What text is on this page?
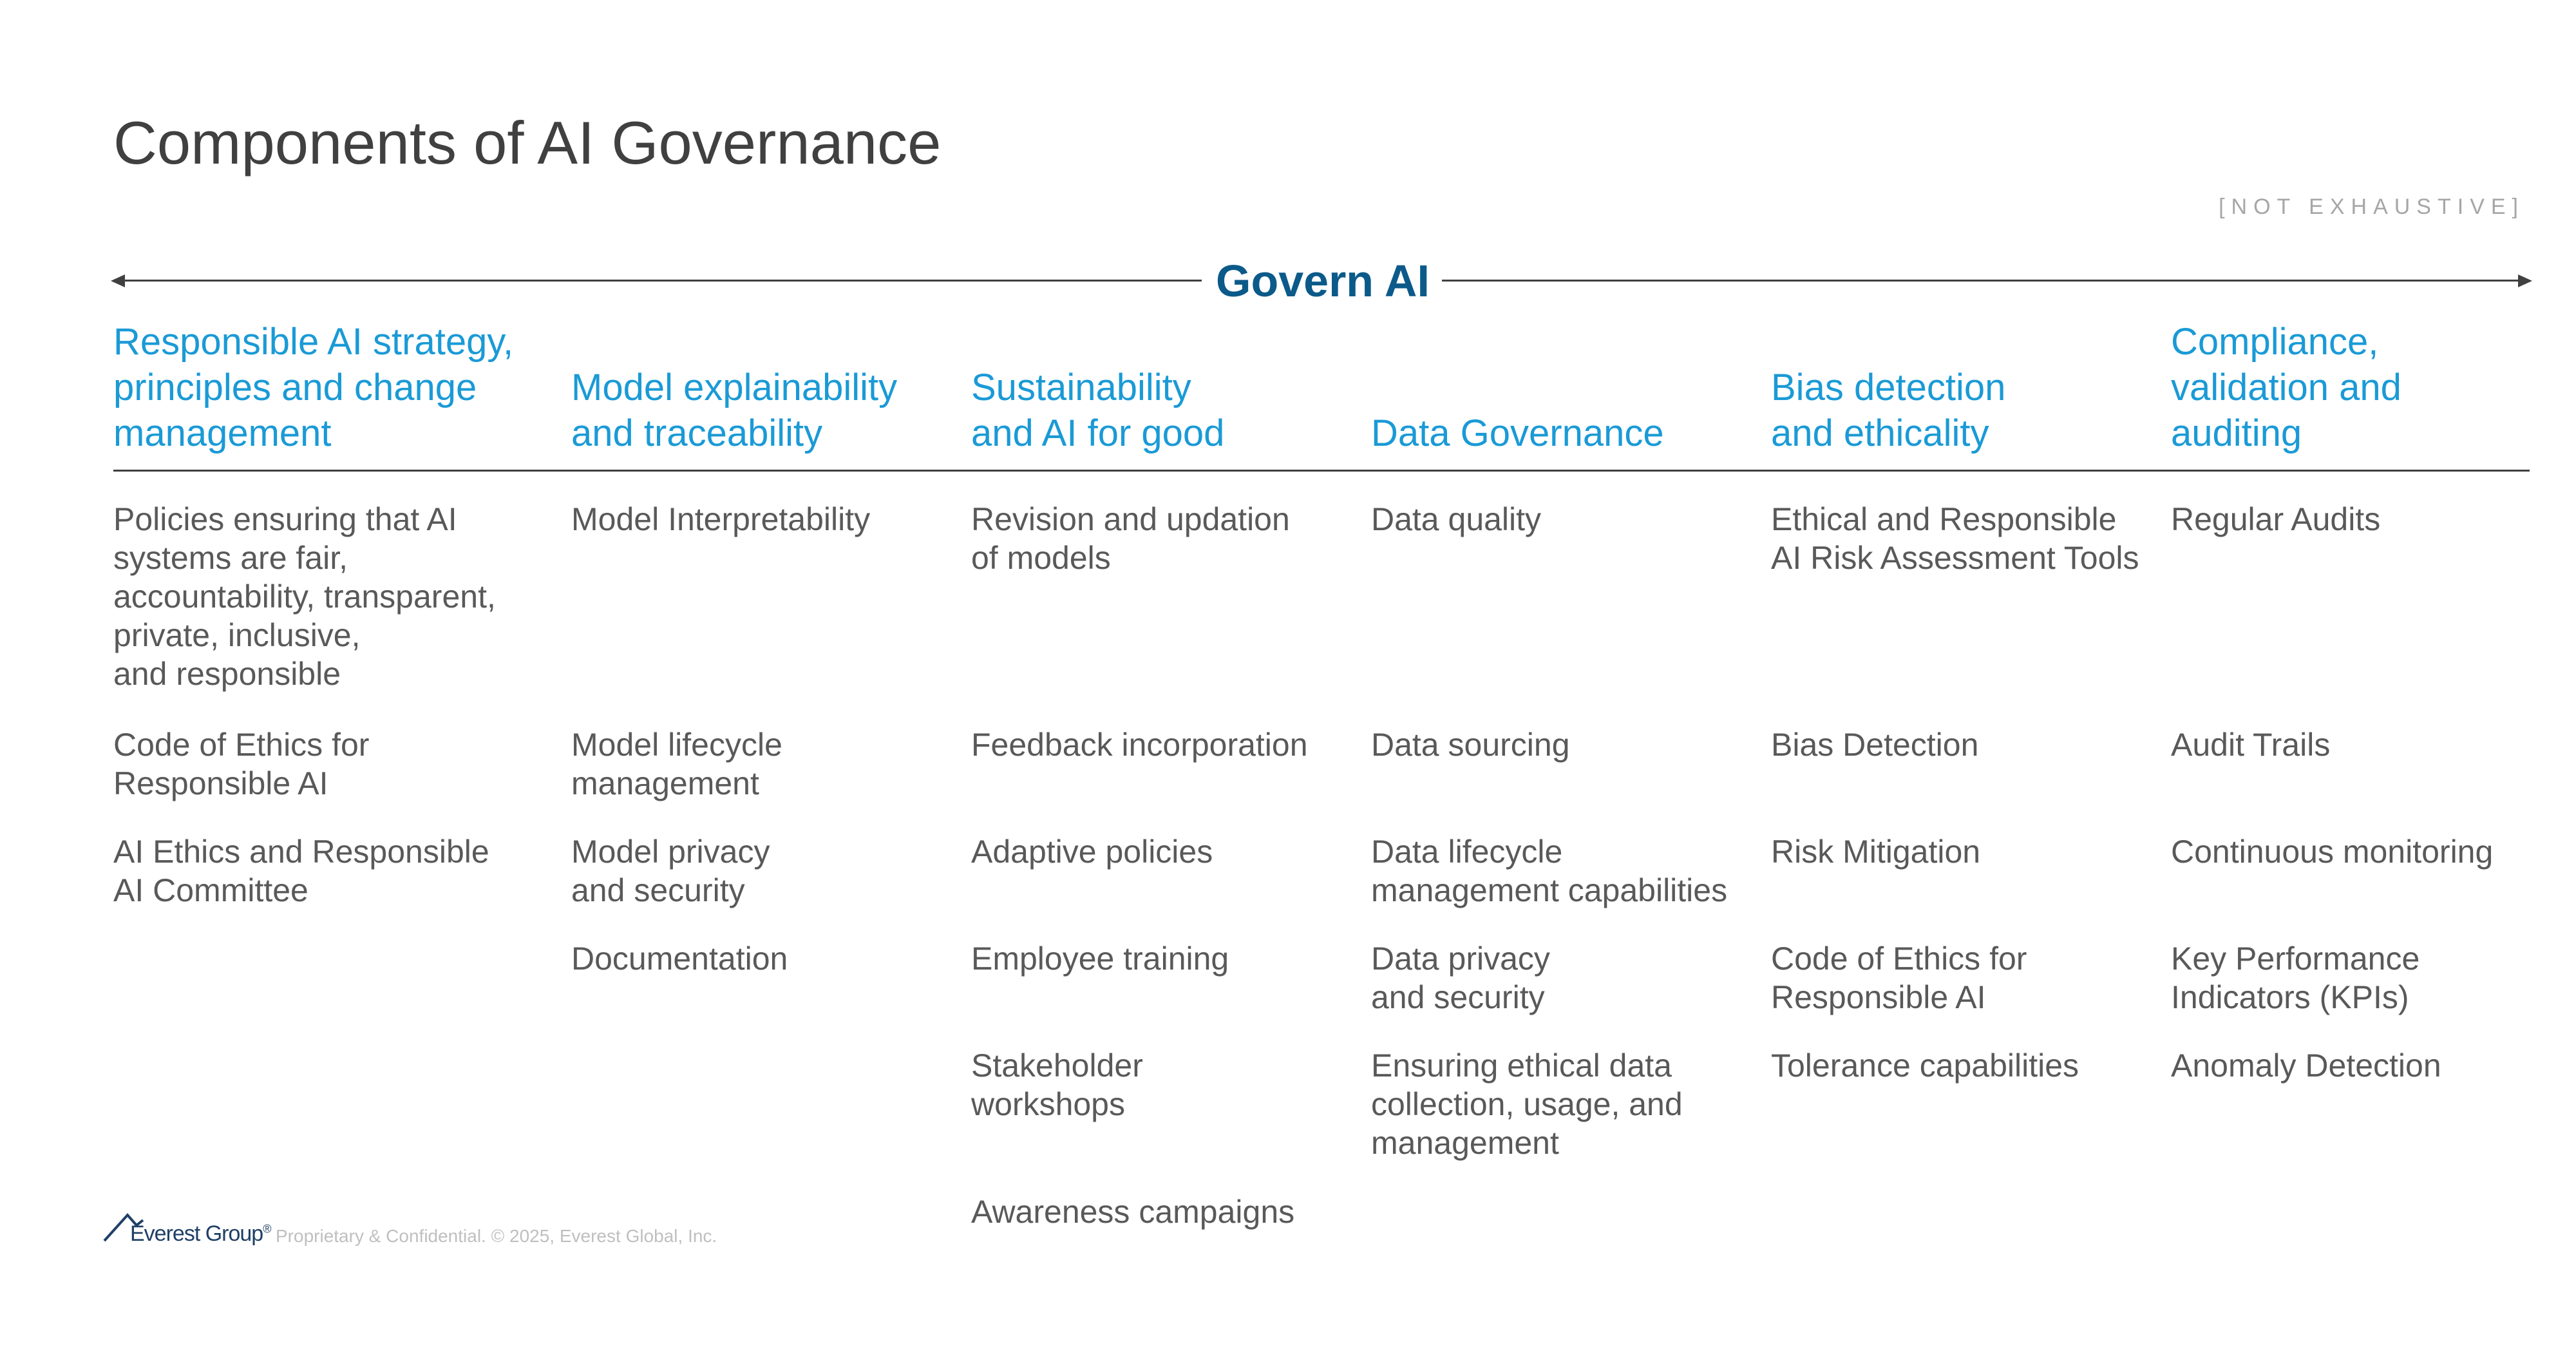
Components of AI Governance
[NOT EXHAUSTIVE]
Govern AI
Responsible AI strategy,
principles and change
management
Policies ensuring that AI
systems are fair,
accountability, transparent,
private, inclusive,
and responsible
Code of Ethics for
Responsible AI
AI Ethics and Responsible
AI Committee
Model explainability
and traceability
Model Interpretability
Model lifecycle
management
Model privacy
and security
Documentation
Sustainability
and AI for good
Revision and updation
of models
Feedback incorporation
Adaptive policies
Employee training
Stakeholder
workshops
Awareness campaigns
Data Governance
Data quality
Data sourcing
Data lifecycle
management capabilities
Data privacy
and security
Ensuring ethical data
collection, usage, and
management
Bias detection
and ethicality
Ethical and Responsible
AI Risk Assessment Tools
Bias Detection
Risk Mitigation
Code of Ethics for
Responsible AI
Tolerance capabilities
Compliance,
validation and
auditing
Regular Audits
Audit Trails
Continuous monitoring
Key Performance
Indicators (KPIs)
Anomaly Detection
Everest Group® Proprietary & Confidential. © 2025, Everest Global, Inc.
